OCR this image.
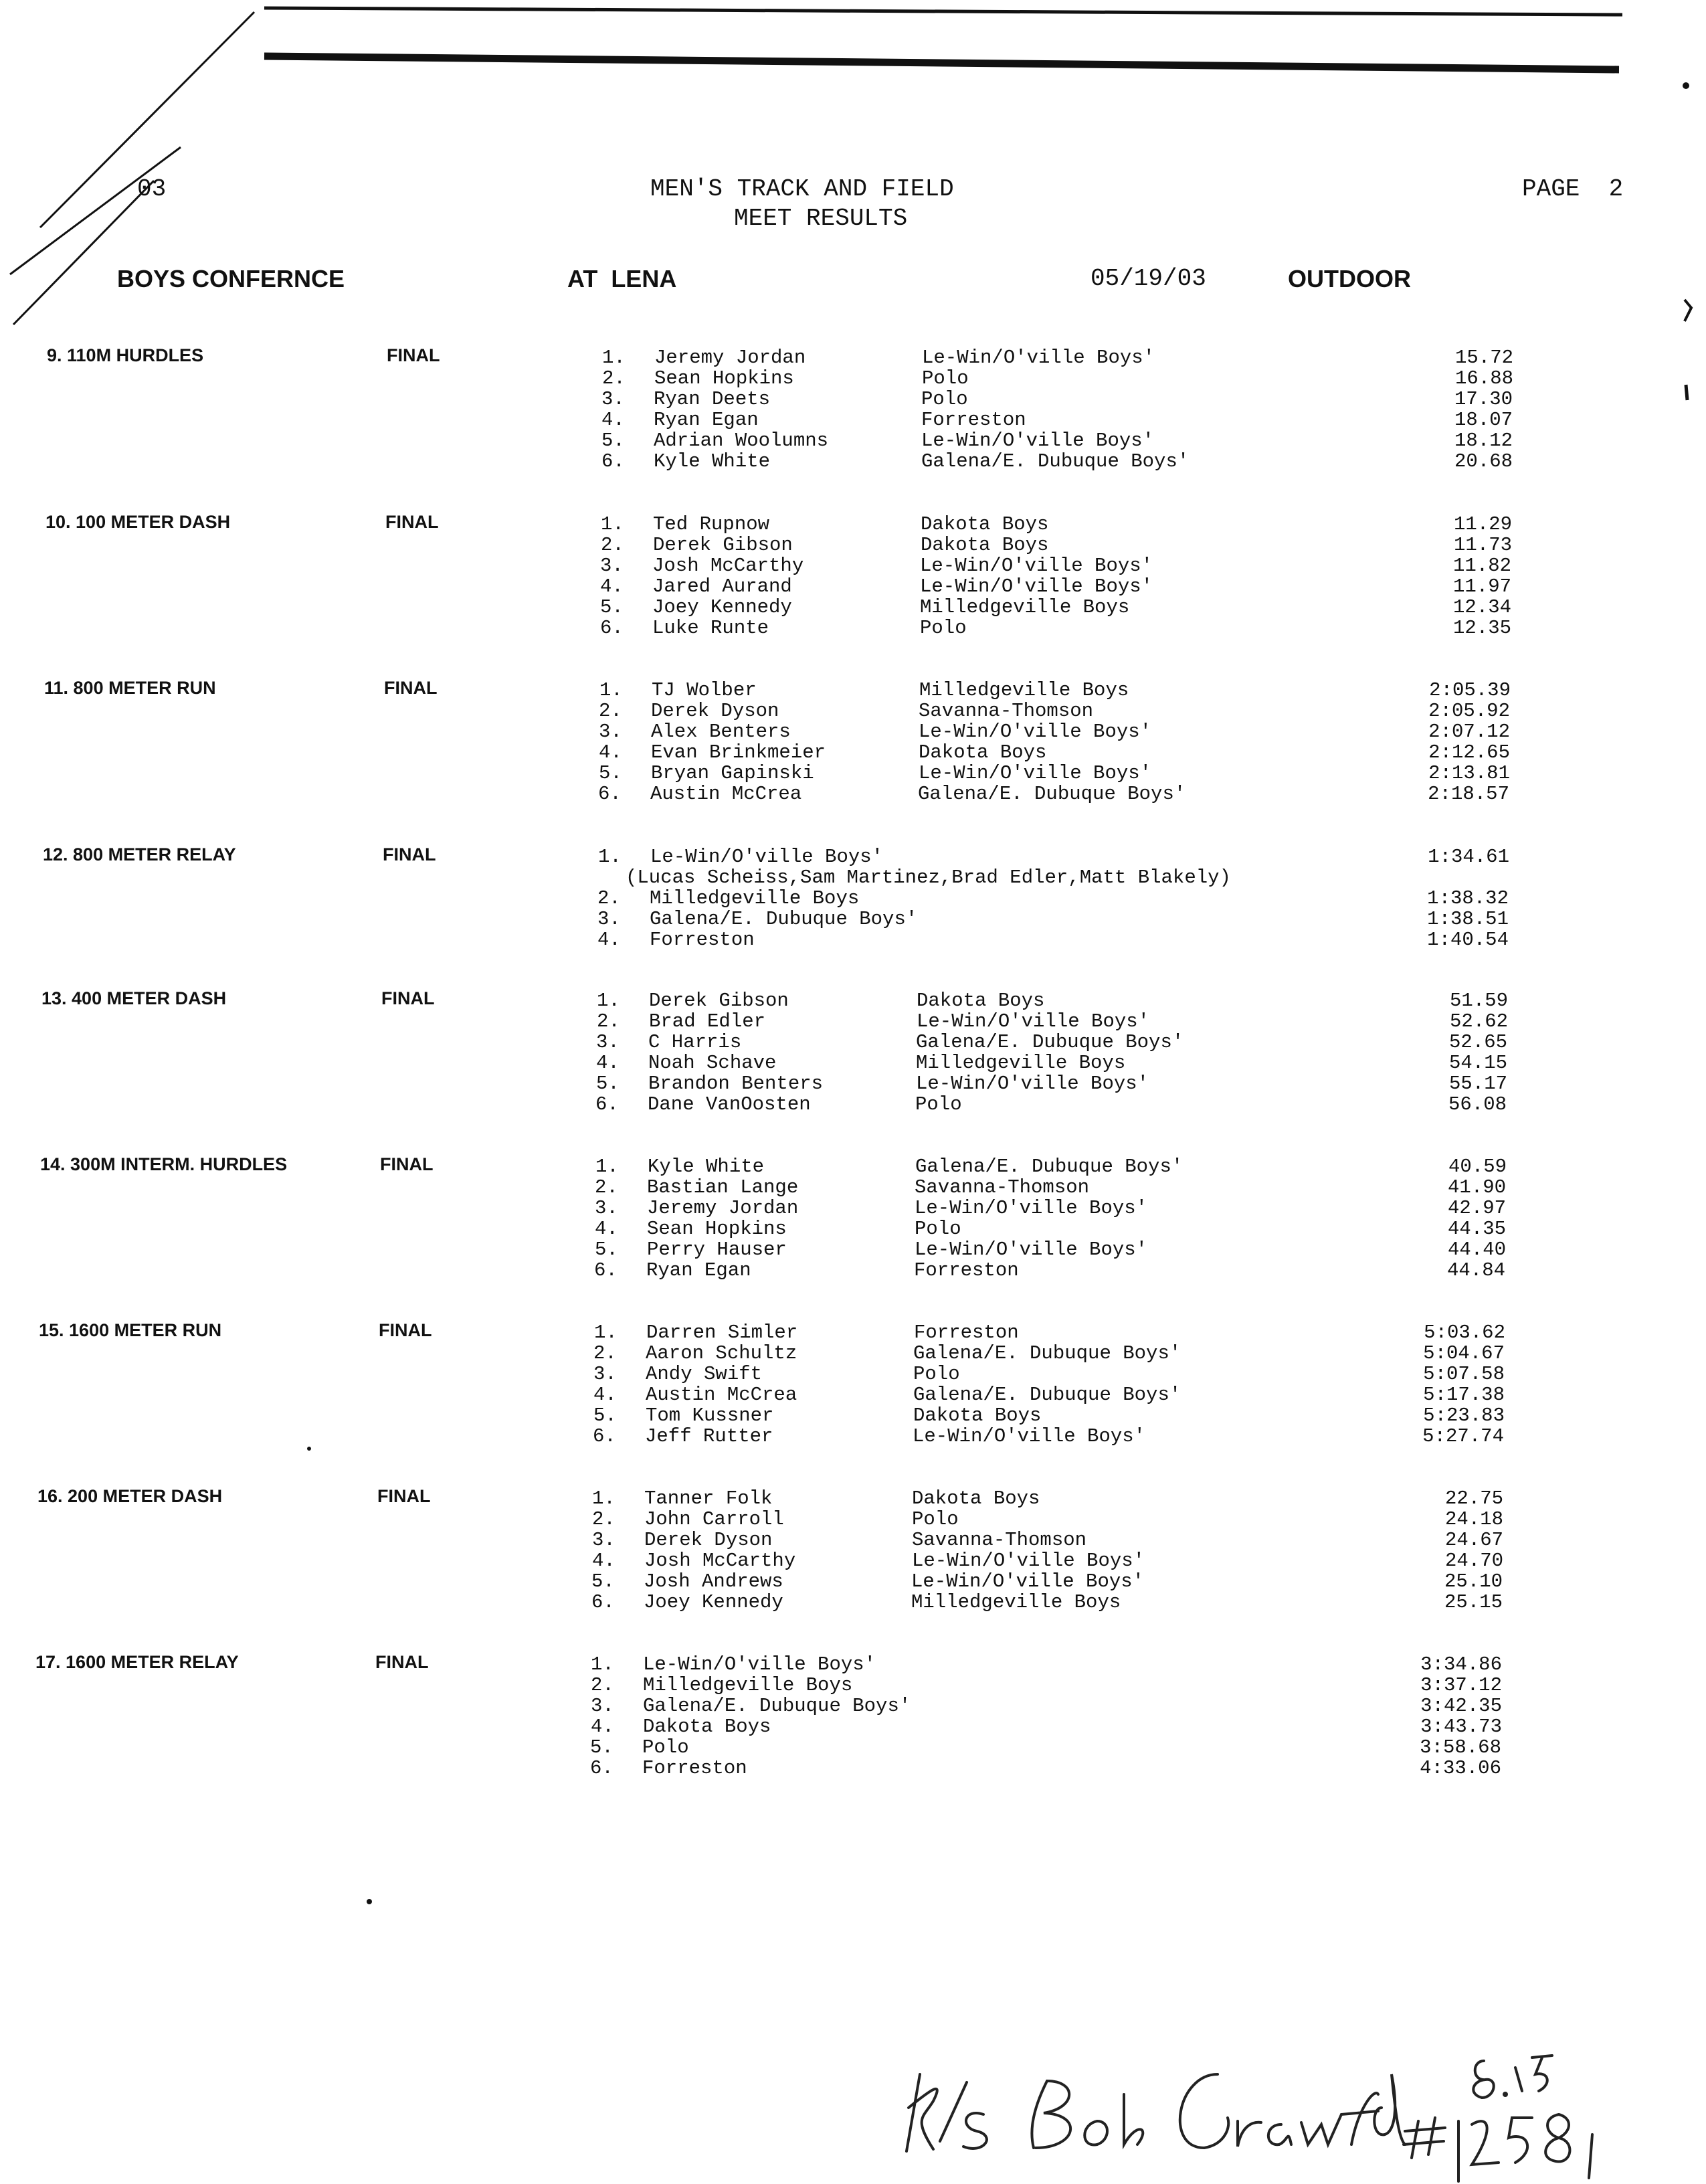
03	MEN'S TRACK AND FIELD
MEET RESULTS
PAGE  2
BOYS CONFERNCE	AT  LENA	05/19/03	OUTDOOR
9. 110M HURDLES	FINAL	1. Jeremy Jordan	Le-Win/O'ville Boys'	15.72
2. Sean Hopkins	Polo	16.88
3. Ryan Deets	Polo	17.30
4. Ryan Egan	Forreston	18.07
5. Adrian Woolumns	Le-Win/O'ville Boys'	18.12
6. Kyle White	Galena/E. Dubuque Boys'	20.68
10. 100 METER DASH	FINAL	1. Ted Rupnow	Dakota Boys	11.29
2. Derek Gibson	Dakota Boys	11.73
3. Josh McCarthy	Le-Win/O'ville Boys'	11.82
4. Jared Aurand	Le-Win/O'ville Boys'	11.97
5. Joey Kennedy	Milledgeville Boys	12.34
6. Luke Runte	Polo	12.35
11. 800 METER RUN	FINAL	1. TJ Wolber	Milledgeville Boys	2:05.39
2. Derek Dyson	Savanna-Thomson	2:05.92
3. Alex Benters	Le-Win/O'ville Boys'	2:07.12
4. Evan Brinkmeier	Dakota Boys	2:12.65
5. Bryan Gapinski	Le-Win/O'ville Boys'	2:13.81
6. Austin McCrea	Galena/E. Dubuque Boys'	2:18.57
12. 800 METER RELAY	FINAL	1. Le-Win/O'ville Boys'	1:34.61
(Lucas Scheiss,Sam Martinez,Brad Edler,Matt Blakely)
2. Milledgeville Boys	1:38.32
3. Galena/E. Dubuque Boys'	1:38.51
4. Forreston	1:40.54
13. 400 METER DASH	FINAL	1. Derek Gibson	Dakota Boys	51.59
2. Brad Edler	Le-Win/O'ville Boys'	52.62
3. C Harris	Galena/E. Dubuque Boys'	52.65
4. Noah Schave	Milledgeville Boys	54.15
5. Brandon Benters	Le-Win/O'ville Boys'	55.17
6. Dane VanOosten	Polo	56.08
14. 300M INTERM. HURDLES	FINAL	1. Kyle White	Galena/E. Dubuque Boys'	40.59
2. Bastian Lange	Savanna-Thomson	41.90
3. Jeremy Jordan	Le-Win/O'ville Boys'	42.97
4. Sean Hopkins	Polo	44.35
5. Perry Hauser	Le-Win/O'ville Boys'	44.40
6. Ryan Egan	Forreston	44.84
15. 1600 METER RUN	FINAL	1. Darren Simler	Forreston	5:03.62
2. Aaron Schultz	Galena/E. Dubuque Boys'	5:04.67
3. Andy Swift	Polo	5:07.58
4. Austin McCrea	Galena/E. Dubuque Boys'	5:17.38
5. Tom Kussner	Dakota Boys	5:23.83
6. Jeff Rutter	Le-Win/O'ville Boys'	5:27.74
16. 200 METER DASH	FINAL	1. Tanner Folk	Dakota Boys	22.75
2. John Carroll	Polo	24.18
3. Derek Dyson	Savanna-Thomson	24.67
4. Josh McCarthy	Le-Win/O'ville Boys'	24.70
5. Josh Andrews	Le-Win/O'ville Boys'	25.10
6. Joey Kennedy	Milledgeville Boys	25.15
17. 1600 METER RELAY	FINAL	1. Le-Win/O'ville Boys'	3:34.86
2. Milledgeville Boys	3:37.12
3. Galena/E. Dubuque Boys'	3:42.35
4. Dakota Boys	3:43.73
5. Polo	3:58.68
6. Forreston	4:33.06
